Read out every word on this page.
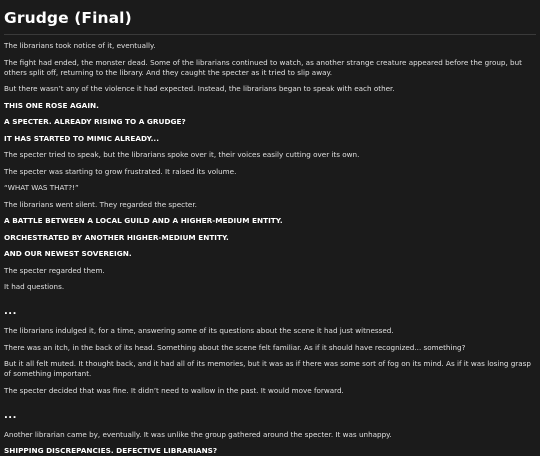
Grudge (Final)

The librarians took notice of it, eventually.

The fight had ended, the monster dead. Some of the librarians continued to watch, as another strange creature appeared before the group, but others split off, returning to the library. And they caught the specter as it tried to slip away.

But there wasn’t any of the violence it had expected. Instead, the librarians began to speak with each other.

THIS ONE ROSE AGAIN.

A SPECTER. ALREADY RISING TO A GRUDGE?

IT HAS STARTED TO MIMIC ALREADY...

The specter tried to speak, but the librarians spoke over it, their voices easily cutting over its own.

The specter was starting to grow frustrated. It raised its volume.

“WHAT WAS THAT?!”

The librarians went silent. They regarded the specter.

A BATTLE BETWEEN A LOCAL GUILD AND A HIGHER-MEDIUM ENTITY.

ORCHESTRATED BY ANOTHER HIGHER-MEDIUM ENTITY.

AND OUR NEWEST SOVEREIGN.

The specter regarded them.

It had questions.

...

The librarians indulged it, for a time, answering some of its questions about the scene it had just witnessed.

There was an itch, in the back of its head. Something about the scene felt familiar. As if it should have recognized... something?

But it all felt muted. It thought back, and it had all of its memories, but it was as if there was some sort of fog on its mind. As if it was losing grasp of something important.

The specter decided that was fine. It didn’t need to wallow in the past. It would move forward.

...

Another librarian came by, eventually. It was unlike the group gathered around the specter. It was unhappy.

SHIPPING DISCREPANCIES. DEFECTIVE LIBRARIANS?
